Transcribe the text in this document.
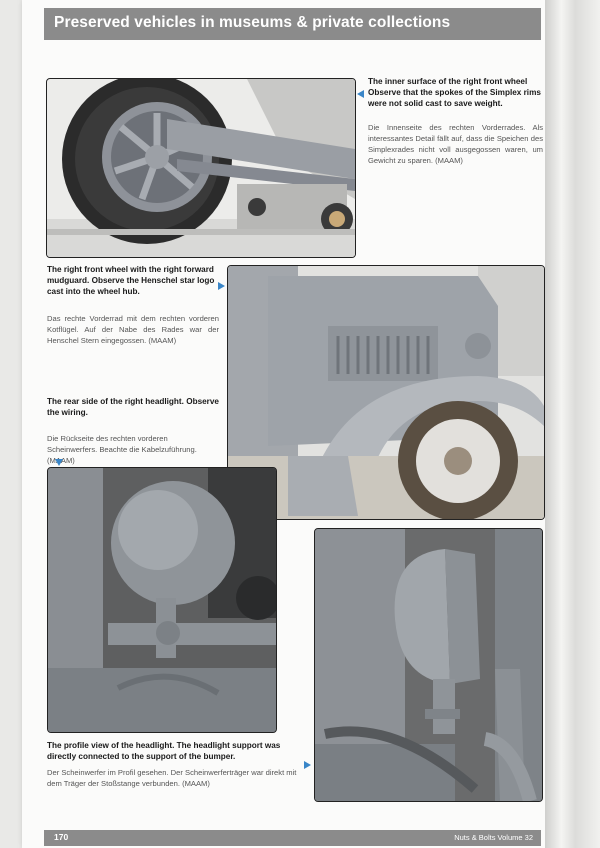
Preserved vehicles in museums & private collections
The inner surface of the right front wheel Observe that the spokes of the Simplex rims were not solid cast to save weight.
Die Innenseite des rechten Vorderrades. Als interessantes Detail fällt auf, dass die Speichen des Simplexrades nicht voll ausgegossen waren, um Gewicht zu sparen. (MAAM)
The right front wheel with the right forward mudguard. Observe the Henschel star logo cast into the wheel hub.
Das rechte Vorderrad mit dem rechten vorderen Kotflügel. Auf der Nabe des Rades war der Henschel Stern eingegossen. (MAAM)
The rear side of the right headlight. Observe the wiring.
Die Rückseite des rechten vorderen Scheinwerfers. Beachte die Kabelzuführung. (MAAM)
The profile view of the headlight. The headlight support was directly connected to the support of the bumper.
Der Scheinwerfer im Profil gesehen. Der Scheinwerferträger war direkt mit dem Träger der Stoßstange verbunden. (MAAM)
170	Nuts & Bolts Volume 32
